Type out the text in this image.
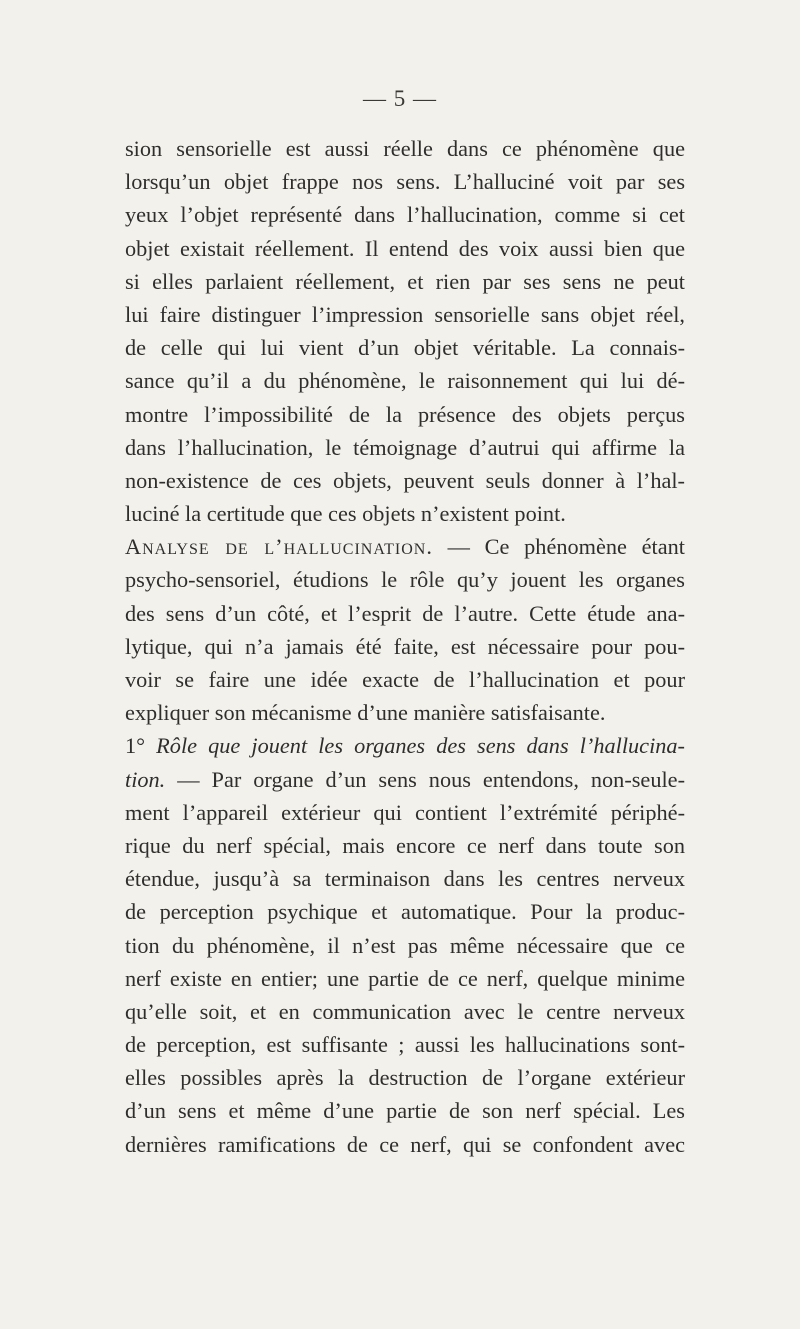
— 5 —
sion sensorielle est aussi réelle dans ce phénomène que
lorsqu’un objet frappe nos sens. L’halluciné voit par ses
yeux l’objet représenté dans l’hallucination, comme si cet
objet existait réellement. Il entend des voix aussi bien que
si elles parlaient réellement, et rien par ses sens ne peut
lui faire distinguer l’impression sensorielle sans objet réel,
de celle qui lui vient d’un objet véritable. La connais-
sance qu’il a du phénomène, le raisonnement qui lui dé-
montre l’impossibilité de la présence des objets perçus
dans l’hallucination, le témoignage d’autrui qui affirme la
non-existence de ces objets, peuvent seuls donner à l’hal-
luciné la certitude que ces objets n’existent point.
Analyse de l’hallucination. — Ce phénomène étant
psycho-sensoriel, étudions le rôle qu’y jouent les organes
des sens d’un côté, et l’esprit de l’autre. Cette étude ana-
lytique, qui n’a jamais été faite, est nécessaire pour pou-
voir se faire une idée exacte de l’hallucination et pour
expliquer son mécanisme d’une manière satisfaisante.
1° Rôle que jouent les organes des sens dans l’hallucina-
tion. — Par organe d’un sens nous entendons, non-seule-
ment l’appareil extérieur qui contient l’extrémité périphé-
rique du nerf spécial, mais encore ce nerf dans toute son
étendue, jusqu’à sa terminaison dans les centres nerveux
de perception psychique et automatique. Pour la produc-
tion du phénomène, il n’est pas même nécessaire que ce
nerf existe en entier; une partie de ce nerf, quelque minime
qu’elle soit, et en communication avec le centre nerveux
de perception, est suffisante ; aussi les hallucinations sont-
elles possibles après la destruction de l’organe extérieur
d’un sens et même d’une partie de son nerf spécial. Les
dernières ramifications de ce nerf, qui se confondent avec
